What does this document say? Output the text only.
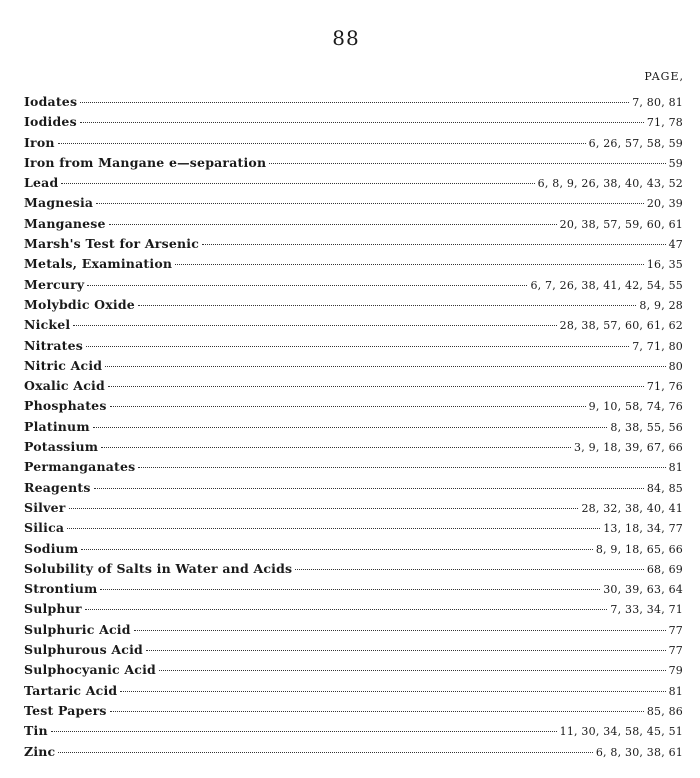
88
PAGE,
Iodates	7, 80, 81
Iodides	71, 78
Iron	6, 26, 57, 58, 59
Iron from Mangane e—separation	59
Lead	6, 8, 9, 26, 38, 40, 43, 52
Magnesia	20, 39
Manganese	20, 38, 57, 59, 60, 61
Marsh's Test for Arsenic	47
Metals, Examination	16, 35
Mercury	6, 7, 26, 38, 41, 42, 54, 55
Molybdic Oxide	8, 9, 28
Nickel	28, 38, 57, 60, 61, 62
Nitrates	7, 71, 80
Nitric Acid	80
Oxalic Acid	71, 76
Phosphates	9, 10, 58, 74, 76
Platinum	8, 38, 55, 56
Potassium	3, 9, 18, 39, 67, 66
Permanganates	81
Reagents	84, 85
Silver	28, 32, 38, 40, 41
Silica	13, 18, 34, 77
Sodium	8, 9, 18, 65, 66
Solubility of Salts in Water and Acids	68, 69
Strontium	30, 39, 63, 64
Sulphur	7, 33, 34, 71
Sulphuric Acid	77
Sulphurous Acid	77
Sulphocyanic Acid	79
Tartaric Acid	81
Test Papers	85, 86
Tin	11, 30, 34, 58, 45, 51
Zinc	6, 8, 30, 38, 61
